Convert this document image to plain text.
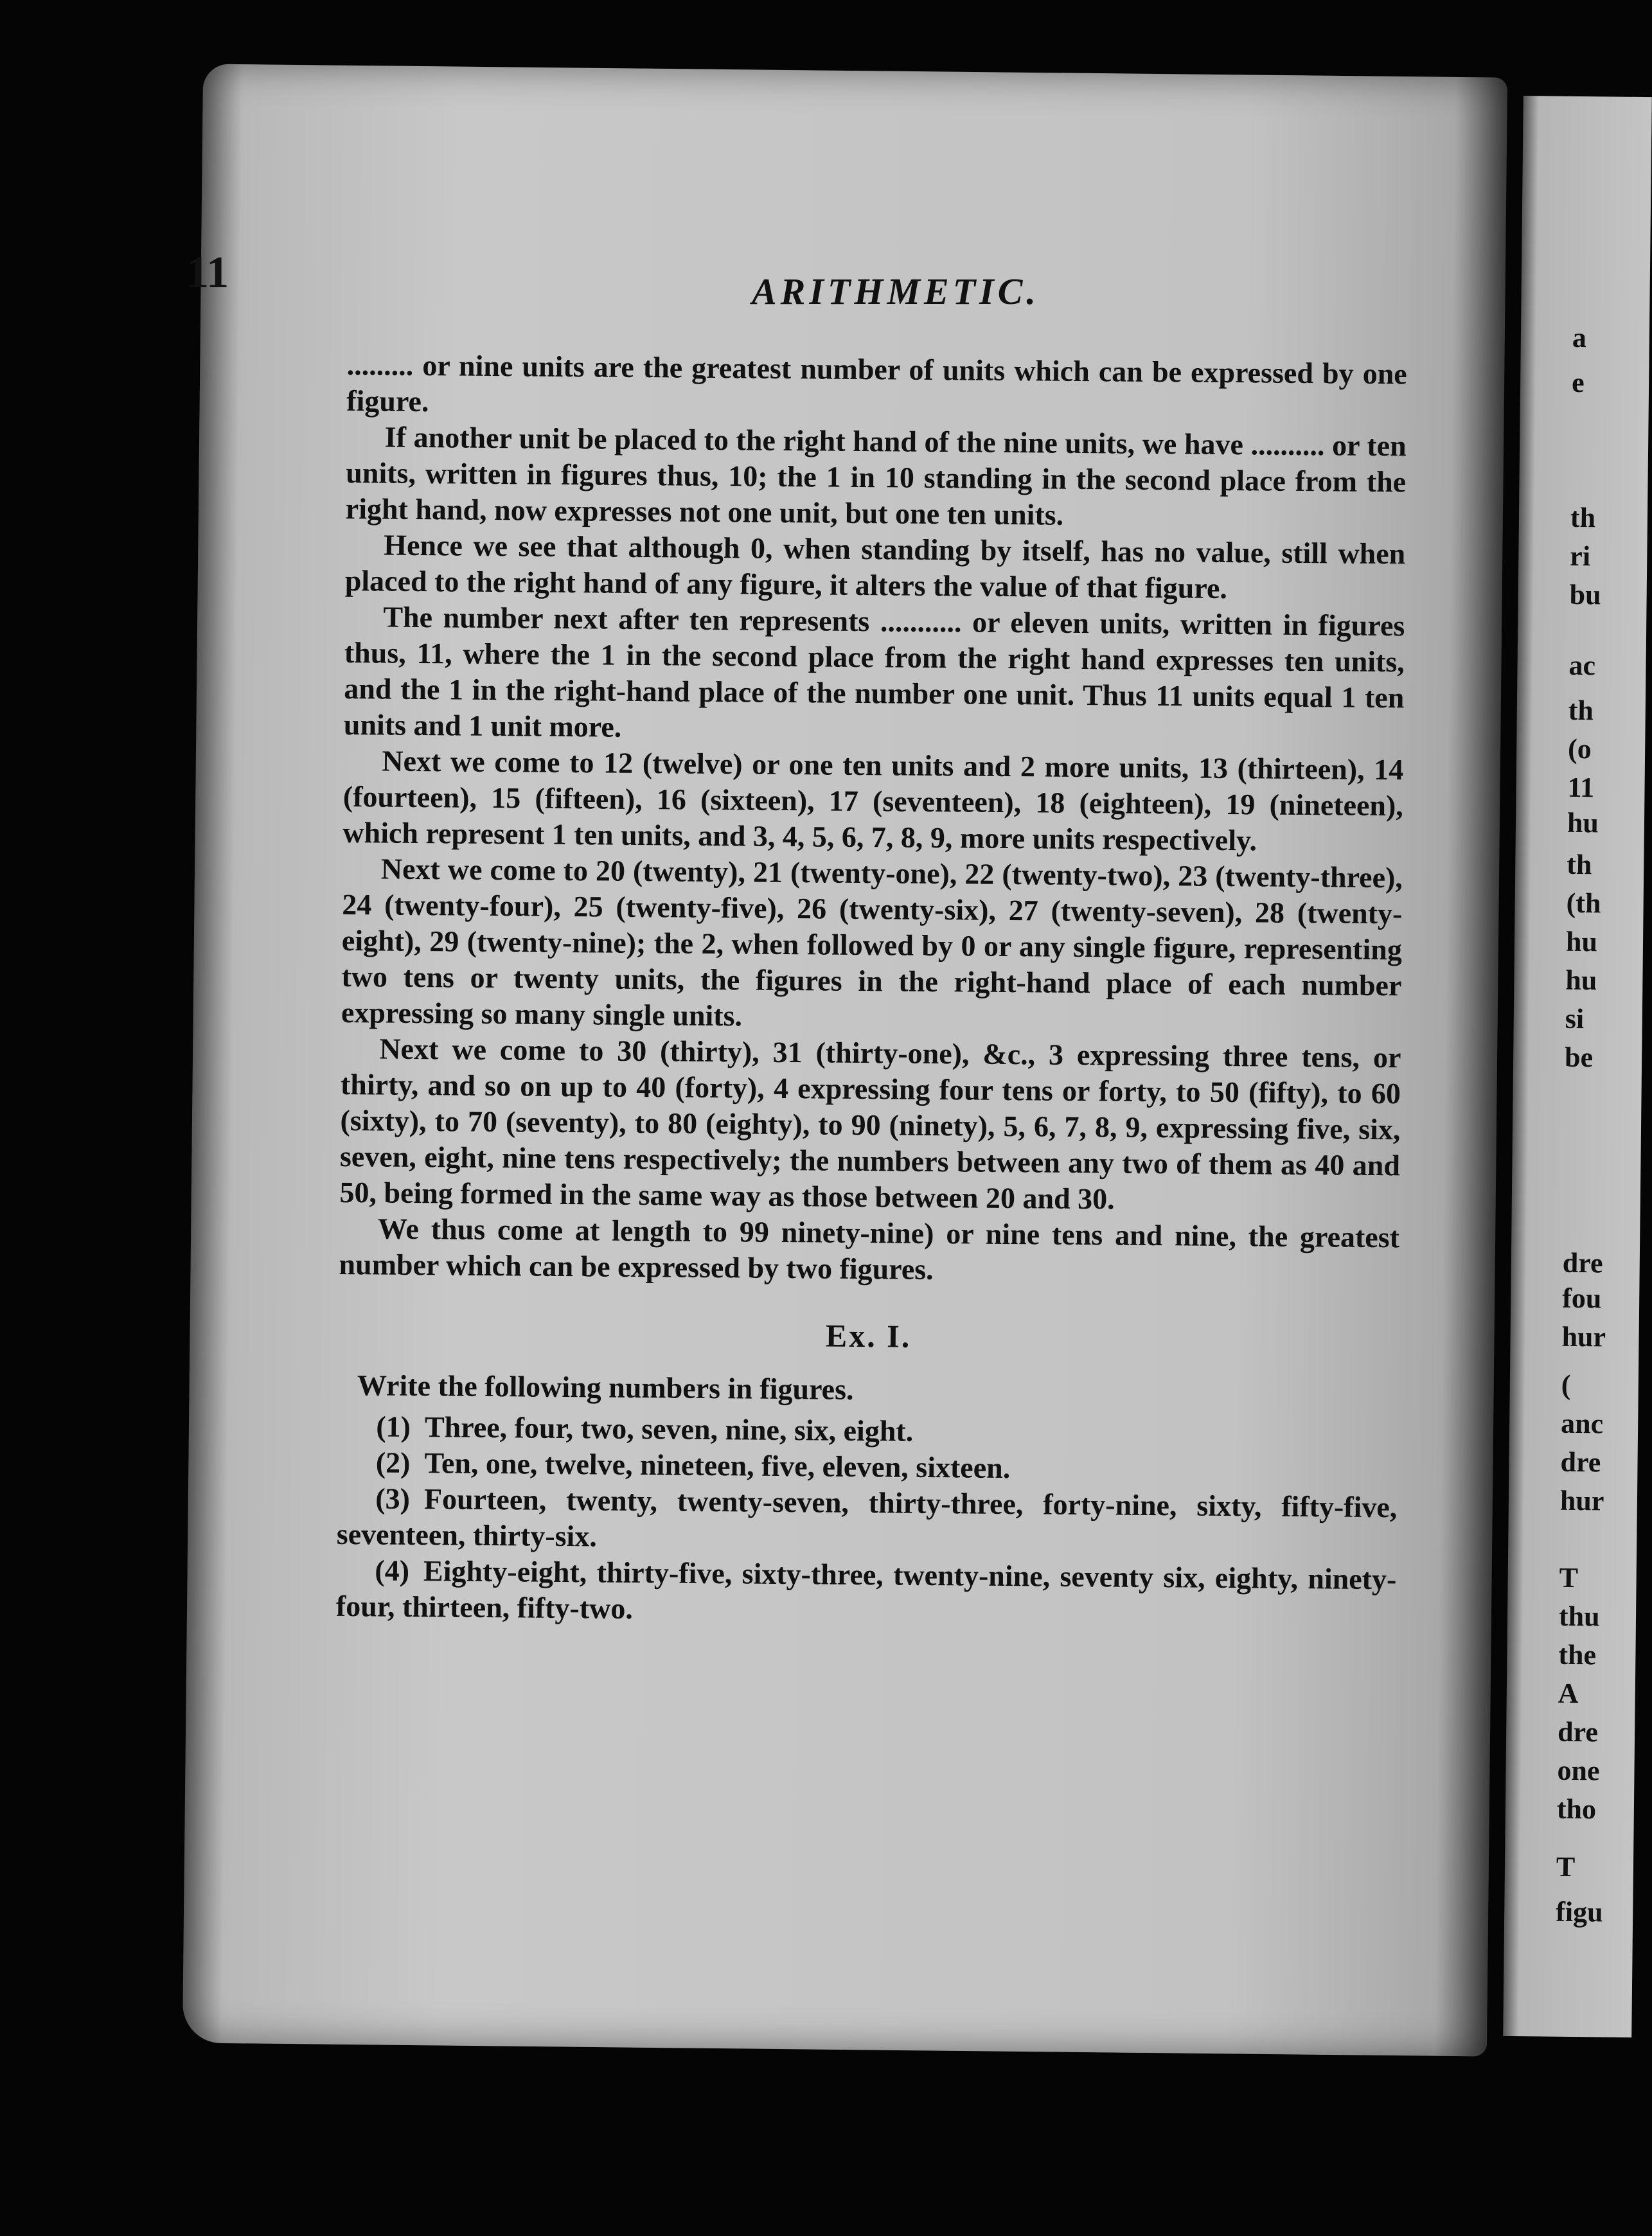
a
e
th
ri
bu
ac
th
(o
11
hu
th
(th
hu
hu
si
be
dre
fou
hur
(
anc
dre
hur
T
thu
the
A
dre
one
tho
T
figu
11	ARITHMETIC.

......... or nine units are the greatest number of units which can be expressed by one figure.

If another unit be placed to the right hand of the nine units, we have .......... or ten units, written in figures thus, 10; the 1 in 10 standing in the second place from the right hand, now expresses not one unit, but one ten units.

Hence we see that although 0, when standing by itself, has no value, still when placed to the right hand of any figure, it alters the value of that figure.

The number next after ten represents ........... or eleven units, written in figures thus, 11, where the 1 in the second place from the right hand expresses ten units, and the 1 in the right-hand place of the number one unit. Thus 11 units equal 1 ten units and 1 unit more.

Next we come to 12 (twelve) or one ten units and 2 more units, 13 (thirteen), 14 (fourteen), 15 (fifteen), 16 (sixteen), 17 (seventeen), 18 (eighteen), 19 (nineteen), which represent 1 ten units, and 3, 4, 5, 6, 7, 8, 9, more units respectively.

Next we come to 20 (twenty), 21 (twenty-one), 22 (twenty-two), 23 (twenty-three), 24 (twenty-four), 25 (twenty-five), 26 (twenty-six), 27 (twenty-seven), 28 (twenty-eight), 29 (twenty-nine); the 2, when followed by 0 or any single figure, representing two tens or twenty units, the figures in the right-hand place of each number expressing so many single units.

Next we come to 30 (thirty), 31 (thirty-one), &c., 3 expressing three tens, or thirty, and so on up to 40 (forty), 4 expressing four tens or forty, to 50 (fifty), to 60 (sixty), to 70 (seventy), to 80 (eighty), to 90 (ninety), 5, 6, 7, 8, 9, expressing five, six, seven, eight, nine tens respectively; the numbers between any two of them as 40 and 50, being formed in the same way as those between 20 and 30.

We thus come at length to 99 ninety-nine) or nine tens and nine, the greatest number which can be expressed by two figures.

Ex. I.

Write the following numbers in figures.

(1) Three, four, two, seven, nine, six, eight.

(2) Ten, one, twelve, nineteen, five, eleven, sixteen.

(3) Fourteen, twenty, twenty-seven, thirty-three, forty-nine, sixty, fifty-five, seventeen, thirty-six.

(4) Eighty-eight, thirty-five, sixty-three, twenty-nine, seventy six, eighty, ninety-four, thirteen, fifty-two.
